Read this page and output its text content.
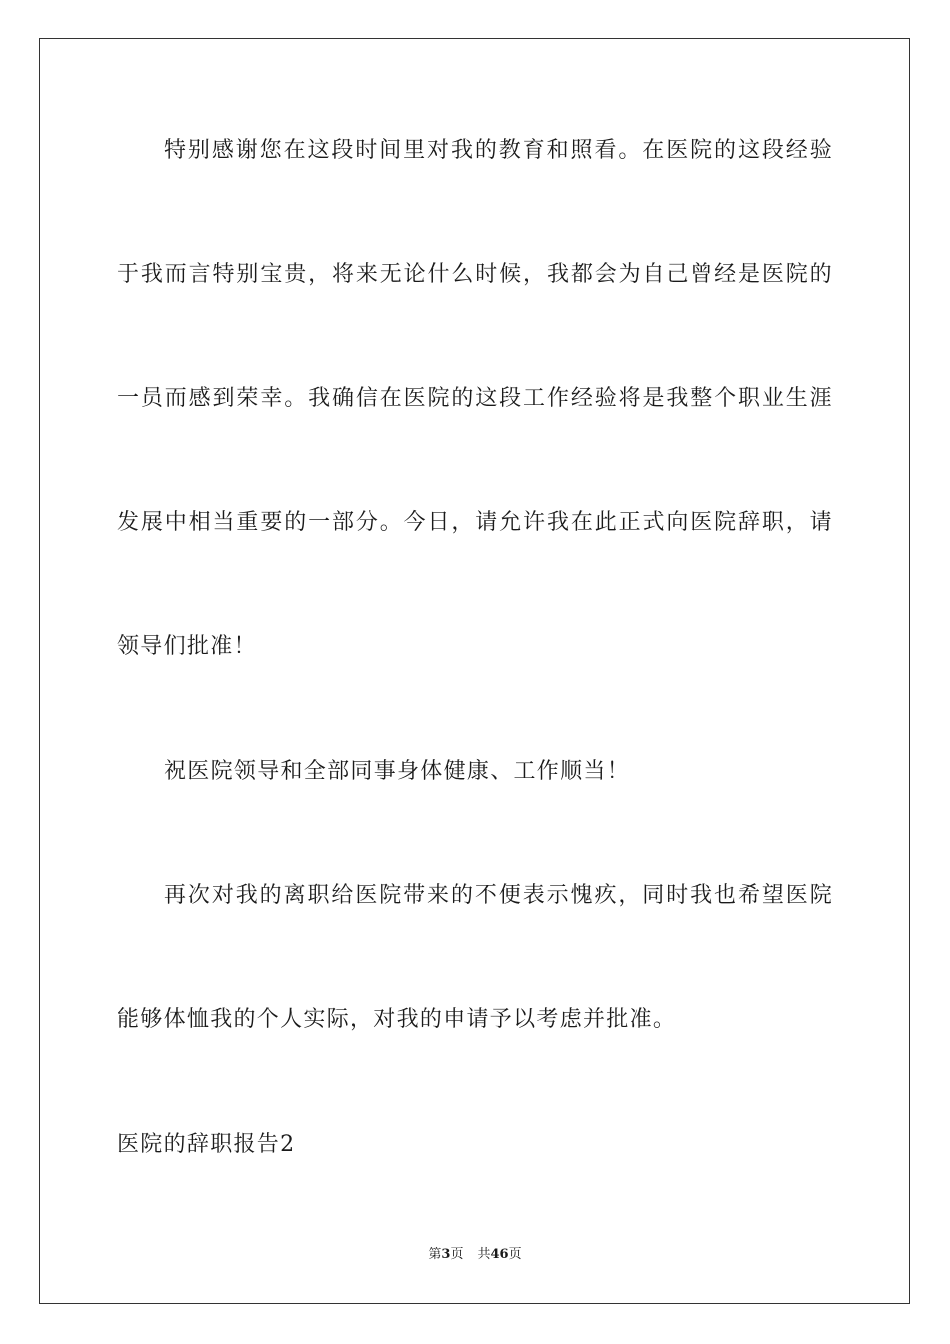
特别感谢您在这段时间里对我的教育和照看。在医院的这段经验
于我而言特别宝贵，将来无论什么时候，我都会为自己曾经是医院的
一员而感到荣幸。我确信在医院的这段工作经验将是我整个职业生涯
发展中相当重要的一部分。今日，请允许我在此正式向医院辞职，请
领导们批准！
祝医院领导和全部同事身体健康、工作顺当！
再次对我的离职给医院带来的不便表示愧疚，同时我也希望医院
能够体恤我的个人实际，对我的申请予以考虑并批准。
医院的辞职报告2
第3页 共46页
